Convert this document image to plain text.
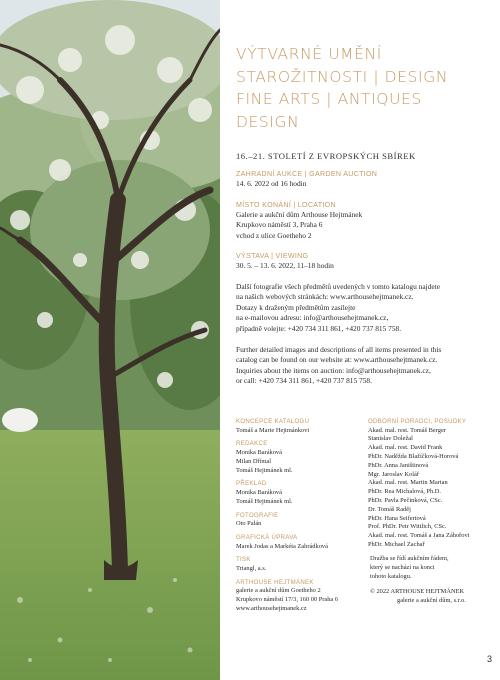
VÝTVARNÉ UMĚNÍ
STAROŽITNOSTI | DESIGN
FINE ARTS | ANTIQUES
DESIGN
16.–21. STOLETÍ Z EVROPSKÝCH SBÍREK
ZAHRADNÍ AUKCE | GARDEN AUCTION
14. 6. 2022 od 16 hodin
MÍSTO KONÁNÍ | LOCATION
Galerie a aukční dům Arthouse Hejtmánek
Krupkovo náměstí 3, Praha 6
vchod z ulice Goetheho 2
VÝSTAVA | VIEWING
30. 5. – 13. 6. 2022, 11–18 hodin
Další fotografie všech předmětů uvedených v tomto katalogu najdete
na našich webových stránkách: www.arthousehejtmanek.cz.
Dotazy k draženým předmětům zasílejte
na e-mailovou adresu: info@arthousehejtmanek.cz,
případně volejte: +420 734 311 861, +420 737 815 758.
Further detailed images and descriptions of all items presented in this
catalog can be found on our website at: www.arthousehejtmanek.cz.
Inquiries about the items on auction: info@arthousehejtmanek.cz,
or call: +420 734 311 861, +420 737 815 758.
KONCEPCE KATALOGU
Tomáš a Marie Hejtmánkovi
REDAKCE
Monika Baráková
Milan Dřímal
Tomáš Hejtmánek ml.
PŘEKLAD
Monika Baráková
Tomáš Hejtmánek ml.
FOTOGRAFIE
Oto Palán
GRAFICKÁ ÚPRAVA
Marek Jodas a Markéta Zahrádková
TISK
Triangl, a.s.
ARTHOUSE HEJTMÁNEK
galerie a aukční dům Goetheho 2
Krupkovo náměstí 17/3, 160 00 Praha 6
www.arthousehejtmanek.cz
ODBORNÍ PORADCI, POSUDKY
Akad. mal. rest. Tomáš Berger
Stanislav Doležal
Akad. mal. rest. David Frank
PhDr. Naděžda Blažíčková-Horová
PhDr. Anna Janištinová
Mgr. Jaroslav Kolář
Akad. mal. rest. Martin Martan
PhDr. Rea Michalová, Ph.D.
PhDr. Pavla Pečinková, CSc.
Dr. Tomáš Raděj
PhDr. Hana Seifertová
Prof. PhDr. Petr Wittlich, CSc.
Akad. mal. rest. Tomáš a Jana Záhořovi
PhDr. Michael Zachař
Dražba se řídí aukčním řádem,
který se nachází na konci
tohoto katalogu.
© 2022 ARTHOUSE HEJTMÁNEK
galerie a aukční dům, s.r.o.
3
